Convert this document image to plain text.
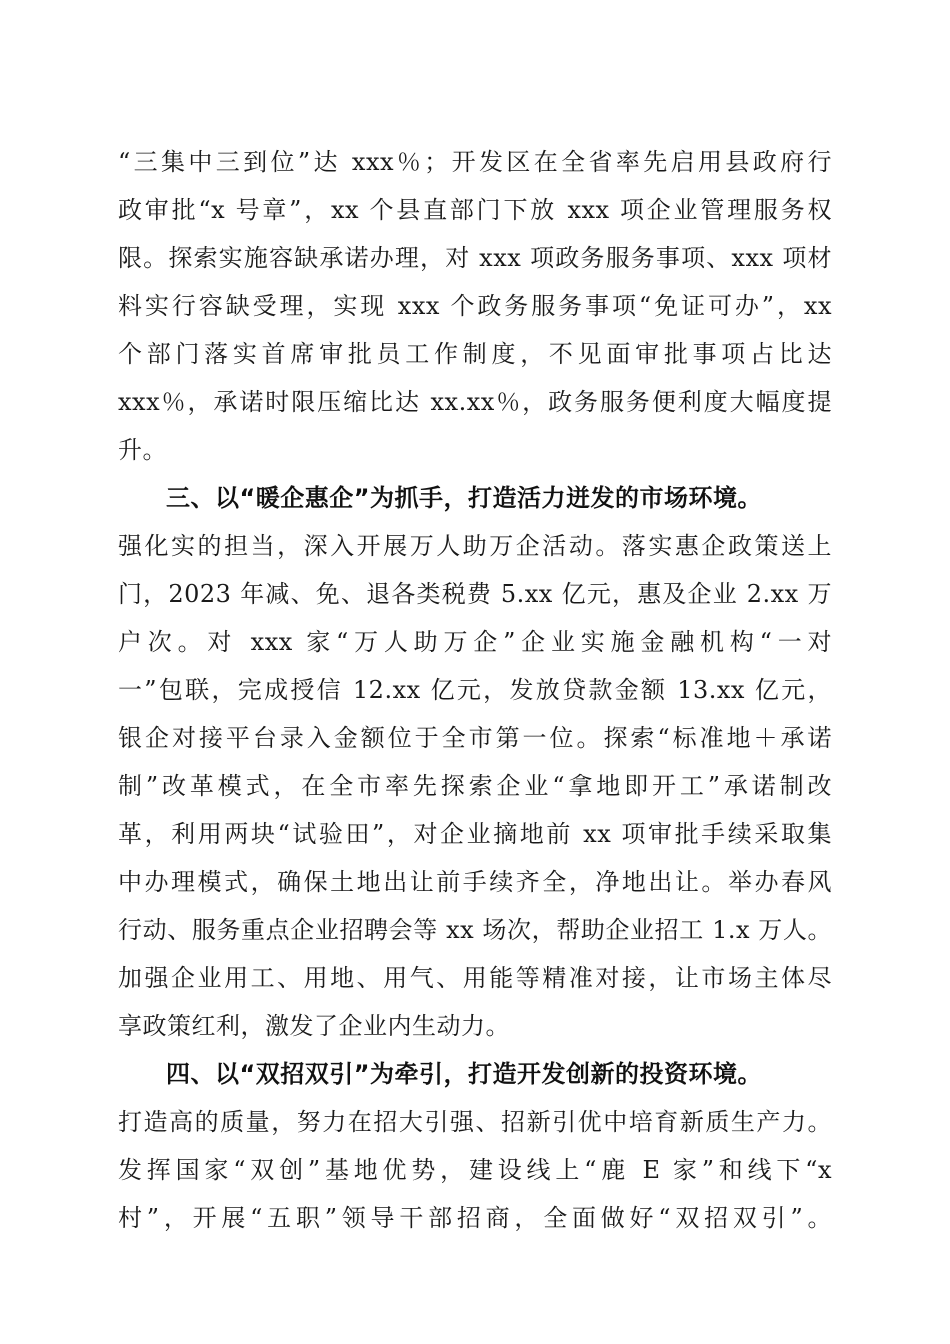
“三集中三到位”达 xxx％；开发区在全省率先启用县政府行
政审批“x 号章”，xx 个县直部门下放 xxx 项企业管理服务权
限。探索实施容缺承诺办理，对 xxx 项政务服务事项、xxx 项材
料实行容缺受理，实现 xxx 个政务服务事项“免证可办”，xx
个部门落实首席审批员工作制度，不见面审批事项占比达
xxx％，承诺时限压缩比达 xx.xx％，政务服务便利度大幅度提
升。
三、以“暖企惠企”为抓手，打造活力迸发的市场环境。
强化实的担当，深入开展万人助万企活动。落实惠企政策送上
门，2023 年减、免、退各类税费 5.xx 亿元，惠及企业 2.xx 万
户次。对 xxx 家“万人助万企”企业实施金融机构“一对
一”包联，完成授信 12.xx 亿元，发放贷款金额 13.xx 亿元，
银企对接平台录入金额位于全市第一位。探索“标准地＋承诺
制”改革模式，在全市率先探索企业“拿地即开工”承诺制改
革，利用两块“试验田”，对企业摘地前 xx 项审批手续采取集
中办理模式，确保土地出让前手续齐全，净地出让。举办春风
行动、服务重点企业招聘会等 xx 场次，帮助企业招工 1.x 万人。
加强企业用工、用地、用气、用能等精准对接，让市场主体尽
享政策红利，激发了企业内生动力。
四、以“双招双引”为牵引，打造开发创新的投资环境。
打造高的质量，努力在招大引强、招新引优中培育新质生产力。
发挥国家“双创”基地优势，建设线上“鹿 E 家”和线下“x
村”，开展“五职”领导干部招商，全面做好“双招双引”。
